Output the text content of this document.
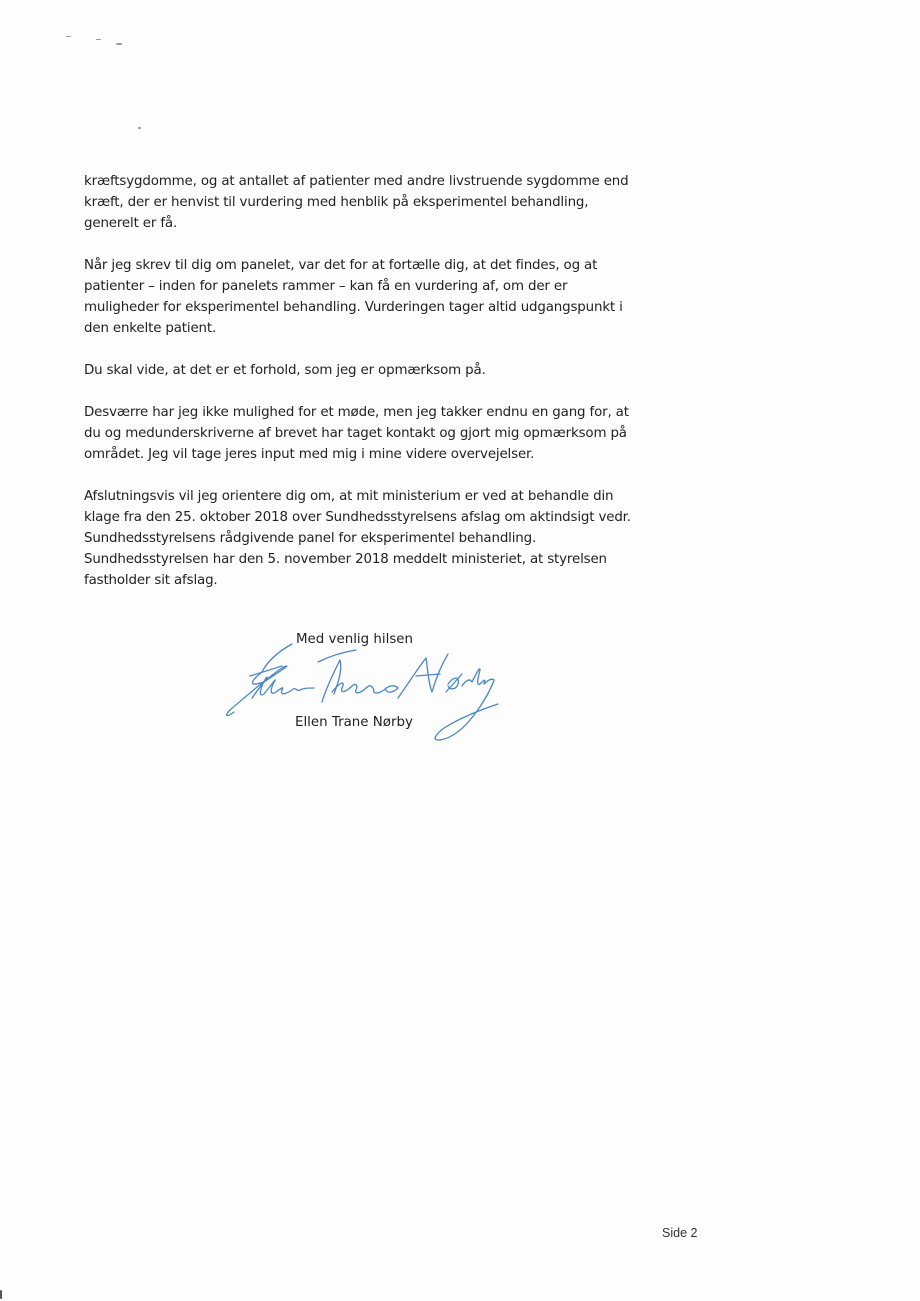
kræftsygdomme, og at antallet af patienter med andre livstruende sygdomme end kræft, der er henvist til vurdering med henblik på eksperimentel behandling, generelt er få.

Når jeg skrev til dig om panelet, var det for at fortælle dig, at det findes, og at patienter – inden for panelets rammer – kan få en vurdering af, om der er muligheder for eksperimentel behandling. Vurderingen tager altid udgangspunkt i den enkelte patient.

Du skal vide, at det er et forhold, som jeg er opmærksom på.

Desværre har jeg ikke mulighed for et møde, men jeg takker endnu en gang for, at du og medunderskriverne af brevet har taget kontakt og gjort mig opmærksom på området. Jeg vil tage jeres input med mig i mine videre overvejelser.

Afslutningsvis vil jeg orientere dig om, at mit ministerium er ved at behandle din klage fra den 25. oktober 2018 over Sundhedsstyrelsens afslag om aktindsigt vedr. Sundhedsstyrelsens rådgivende panel for eksperimentel behandling. Sundhedsstyrelsen har den 5. november 2018 meddelt ministeriet, at styrelsen fastholder sit afslag.

Med venlig hilsen
Ellen Trane Nørby
Side 2
